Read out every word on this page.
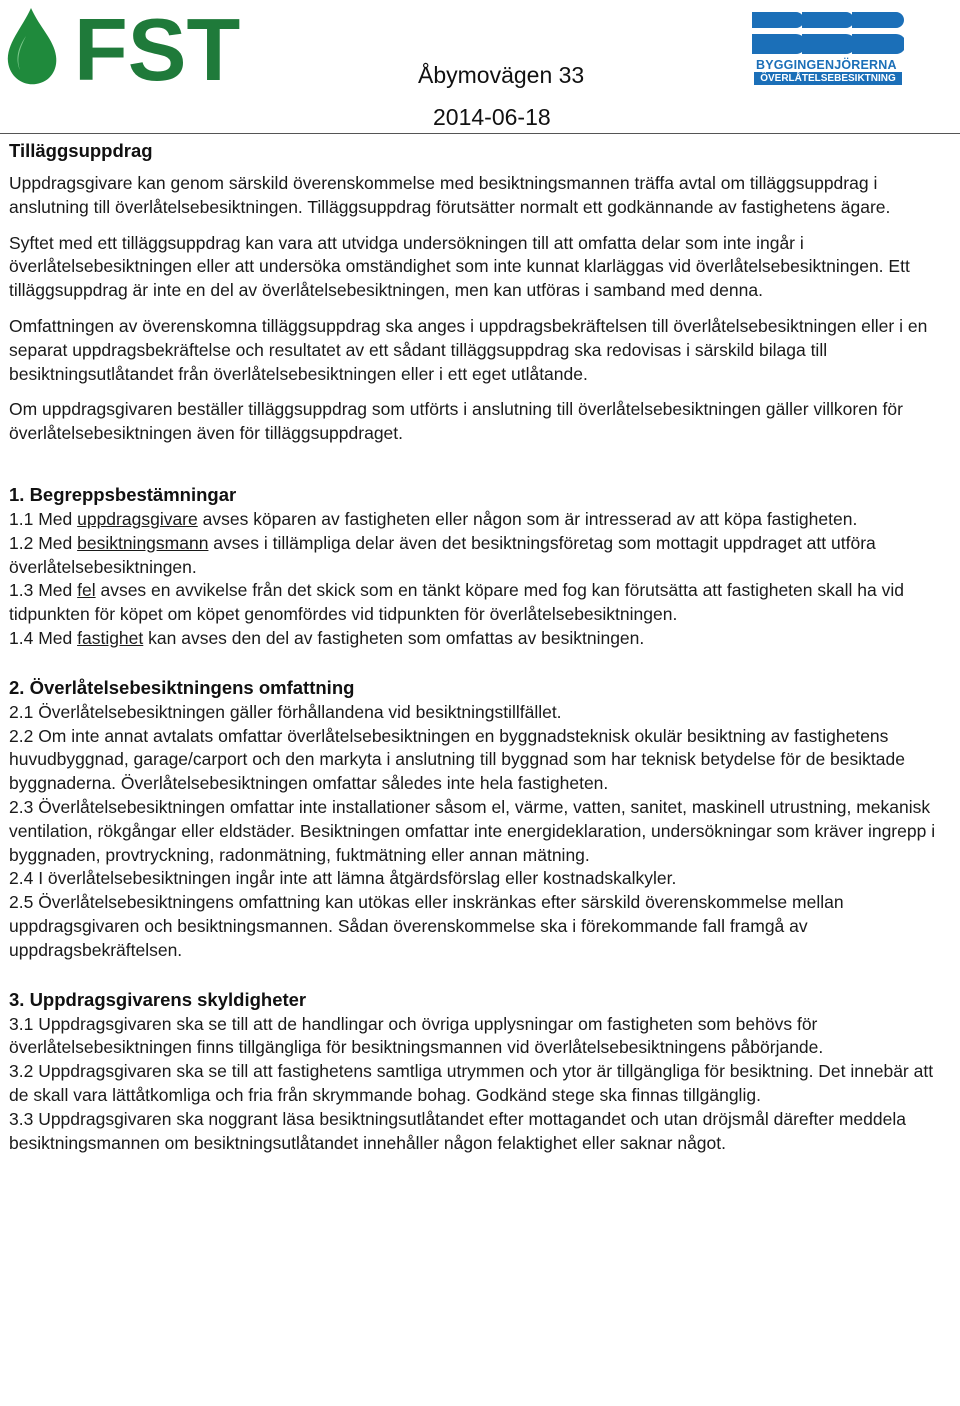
FST	BYGGINGENJÖRERNA
ÖVERLÅTELSEBESIKTNING
Åbymovägen 33
2014-06-18
Tilläggsuppdrag

Uppdragsgivare kan genom särskild överenskommelse med besiktningsmannen träffa avtal om tilläggsuppdrag i anslutning till överlåtelsebesiktningen. Tilläggsuppdrag förutsätter normalt ett godkännande av fastighetens ägare.

Syftet med ett tilläggsuppdrag kan vara att utvidga undersökningen till att omfatta delar som inte ingår i överlåtelsebesiktningen eller att undersöka omständighet som inte kunnat klarläggas vid överlåtelsebesiktningen. Ett tilläggsuppdrag är inte en del av överlåtelsebesiktningen, men kan utföras i samband med denna.

Omfattningen av överenskomna tilläggsuppdrag ska anges i uppdragsbekräftelsen till överlåtelsebesiktningen eller i en separat uppdragsbekräftelse och resultatet av ett sådant tilläggsuppdrag ska redovisas i särskild bilaga till besiktningsutlåtandet från överlåtelsebesiktningen eller i ett eget utlåtande.

Om uppdragsgivaren beställer tilläggsuppdrag som utförts i anslutning till överlåtelsebesiktningen gäller villkoren för överlåtelsebesiktningen även för tilläggsuppdraget.

1. Begreppsbestämningar

1.1 Med uppdragsgivare avses köparen av fastigheten eller någon som är intresserad av att köpa fastigheten.

1.2 Med besiktningsmann avses i tillämpliga delar även det besiktningsföretag som mottagit uppdraget att utföra överlåtelsebesiktningen.

1.3 Med fel avses en avvikelse från det skick som en tänkt köpare med fog kan förutsätta att fastigheten skall ha vid tidpunkten för köpet om köpet genomfördes vid tidpunkten för överlåtelsebesiktningen.

1.4 Med fastighet kan avses den del av fastigheten som omfattas av besiktningen.

2. Överlåtelsebesiktningens omfattning

2.1 Överlåtelsebesiktningen gäller förhållandena vid besiktningstillfället.

2.2 Om inte annat avtalats omfattar överlåtelsebesiktningen en byggnadsteknisk okulär besiktning av fastighetens huvudbyggnad, garage/carport och den markyta i anslutning till byggnad som har teknisk betydelse för de besiktade byggnaderna. Överlåtelsebesiktningen omfattar således inte hela fastigheten.

2.3 Överlåtelsebesiktningen omfattar inte installationer såsom el, värme, vatten, sanitet, maskinell utrustning, mekanisk ventilation, rökgångar eller eldstäder. Besiktningen omfattar inte energideklaration, undersökningar som kräver ingrepp i byggnaden, provtryckning, radonmätning, fuktmätning eller annan mätning.

2.4 I överlåtelsebesiktningen ingår inte att lämna åtgärdsförslag eller kostnadskalkyler.

2.5 Överlåtelsebesiktningens omfattning kan utökas eller inskränkas efter särskild överenskommelse mellan uppdragsgivaren och besiktningsmannen. Sådan överenskommelse ska i förekommande fall framgå av uppdragsbekräftelsen.

3. Uppdragsgivarens skyldigheter

3.1 Uppdragsgivaren ska se till att de handlingar och övriga upplysningar om fastigheten som behövs för överlåtelsebesiktningen finns tillgängliga för besiktningsmannen vid överlåtelsebesiktningens påbörjande.

3.2 Uppdragsgivaren ska se till att fastighetens samtliga utrymmen och ytor är tillgängliga för besiktning. Det innebär att de skall vara lättåtkomliga och fria från skrymmande bohag. Godkänd stege ska finnas tillgänglig.

3.3 Uppdragsgivaren ska noggrant läsa besiktningsutlåtandet efter mottagandet och utan dröjsmål därefter meddela besiktningsmannen om besiktningsutlåtandet innehåller någon felaktighet eller saknar något.
